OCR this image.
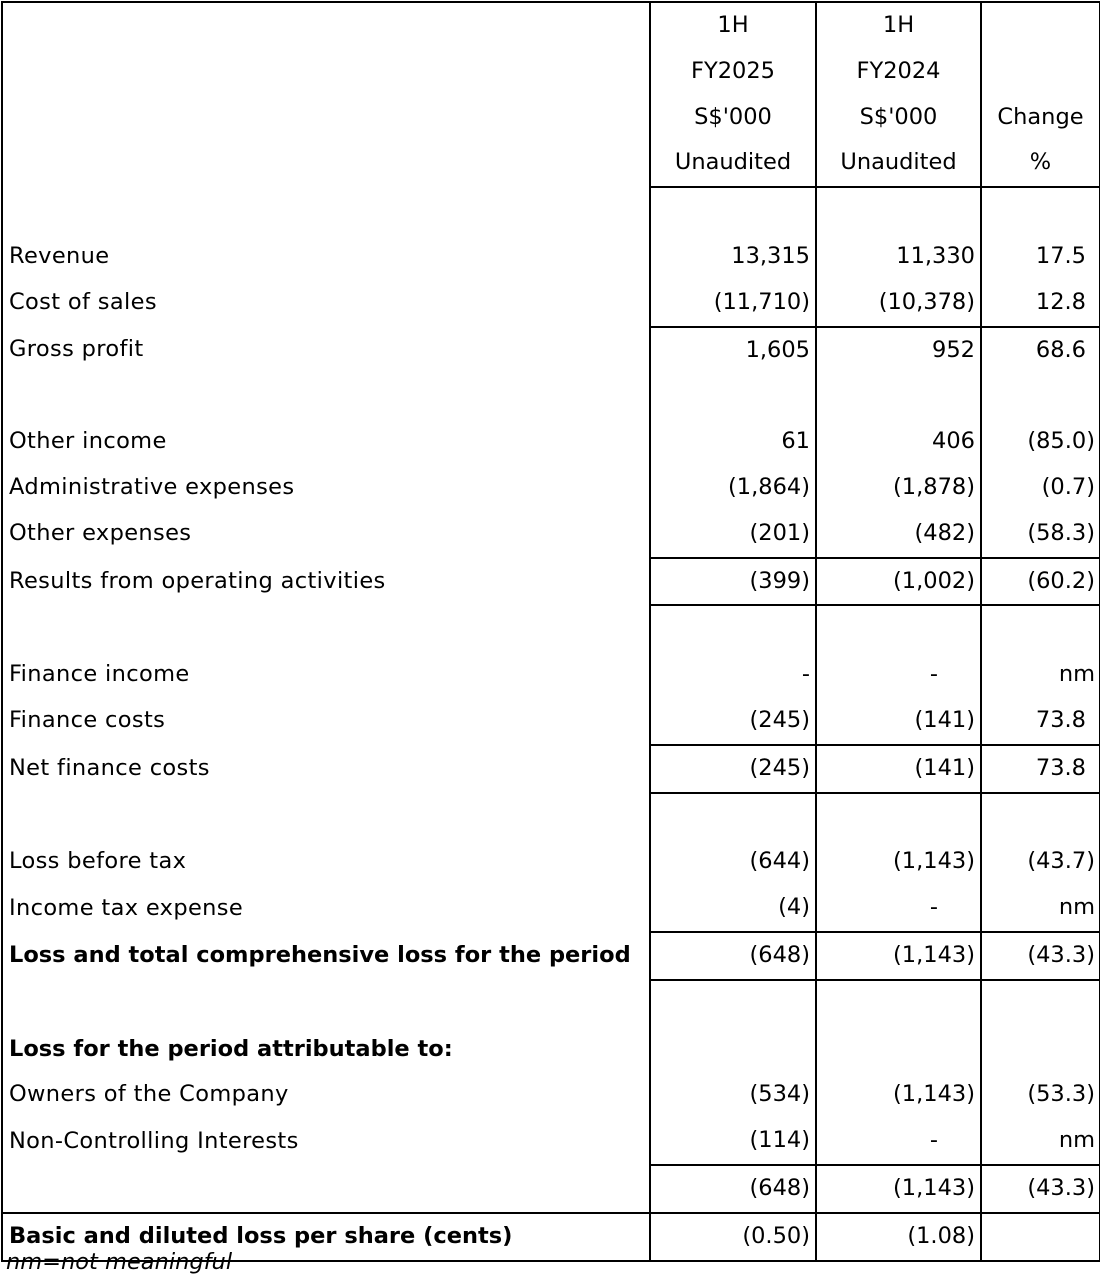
	1H	1H	
	FY2025	FY2024	
	S$'000	S$'000	Change
	Unaudited	Unaudited	%

Revenue	13,315	11,330	17.5
Cost of sales	(11,710)	(10,378)	12.8
Gross profit	1,605	952	68.6

Other income	61	406	(85.0)
Administrative expenses	(1,864)	(1,878)	(0.7)
Other expenses	(201)	(482)	(58.3)
Results from operating activities	(399)	(1,002)	(60.2)

Finance income	-	-	nm
Finance costs	(245)	(141)	73.8
Net finance costs	(245)	(141)	73.8

Loss before tax	(644)	(1,143)	(43.7)
Income tax expense	(4)	-	nm
Loss and total comprehensive loss for the period	(648)	(1,143)	(43.3)

Loss for the period attributable to:			
Owners of the Company	(534)	(1,143)	(53.3)
Non-Controlling Interests	(114)	-	nm
	(648)	(1,143)	(43.3)
Basic and diluted loss per share (cents)	(0.50)	(1.08)	
nm=not meaningful
